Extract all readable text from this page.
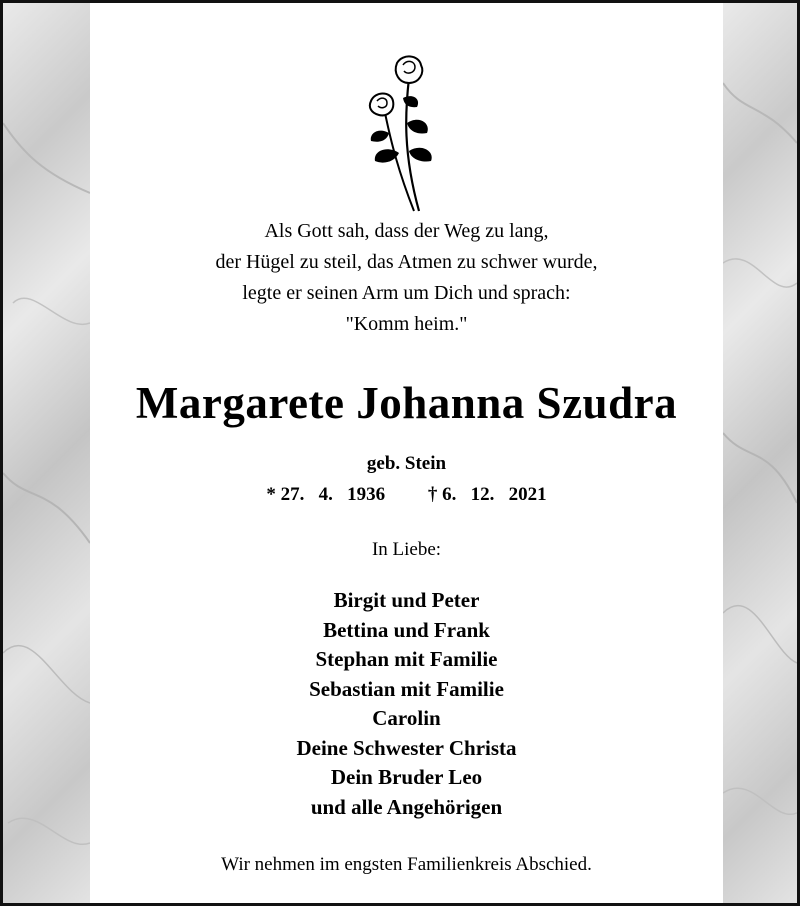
Als Gott sah, dass der Weg zu lang,
der Hügel zu steil, das Atmen zu schwer wurde,
legte er seinen Arm um Dich und sprach:
"Komm heim."
Margarete Johanna Szudra
geb. Stein
* 27.   4.   1936 † 6.   12.   2021
In Liebe:
Birgit und Peter
Bettina und Frank
Stephan mit Familie
Sebastian mit Familie
Carolin
Deine Schwester Christa
Dein Bruder Leo
und alle Angehörigen
Wir nehmen im engsten Familienkreis Abschied.
